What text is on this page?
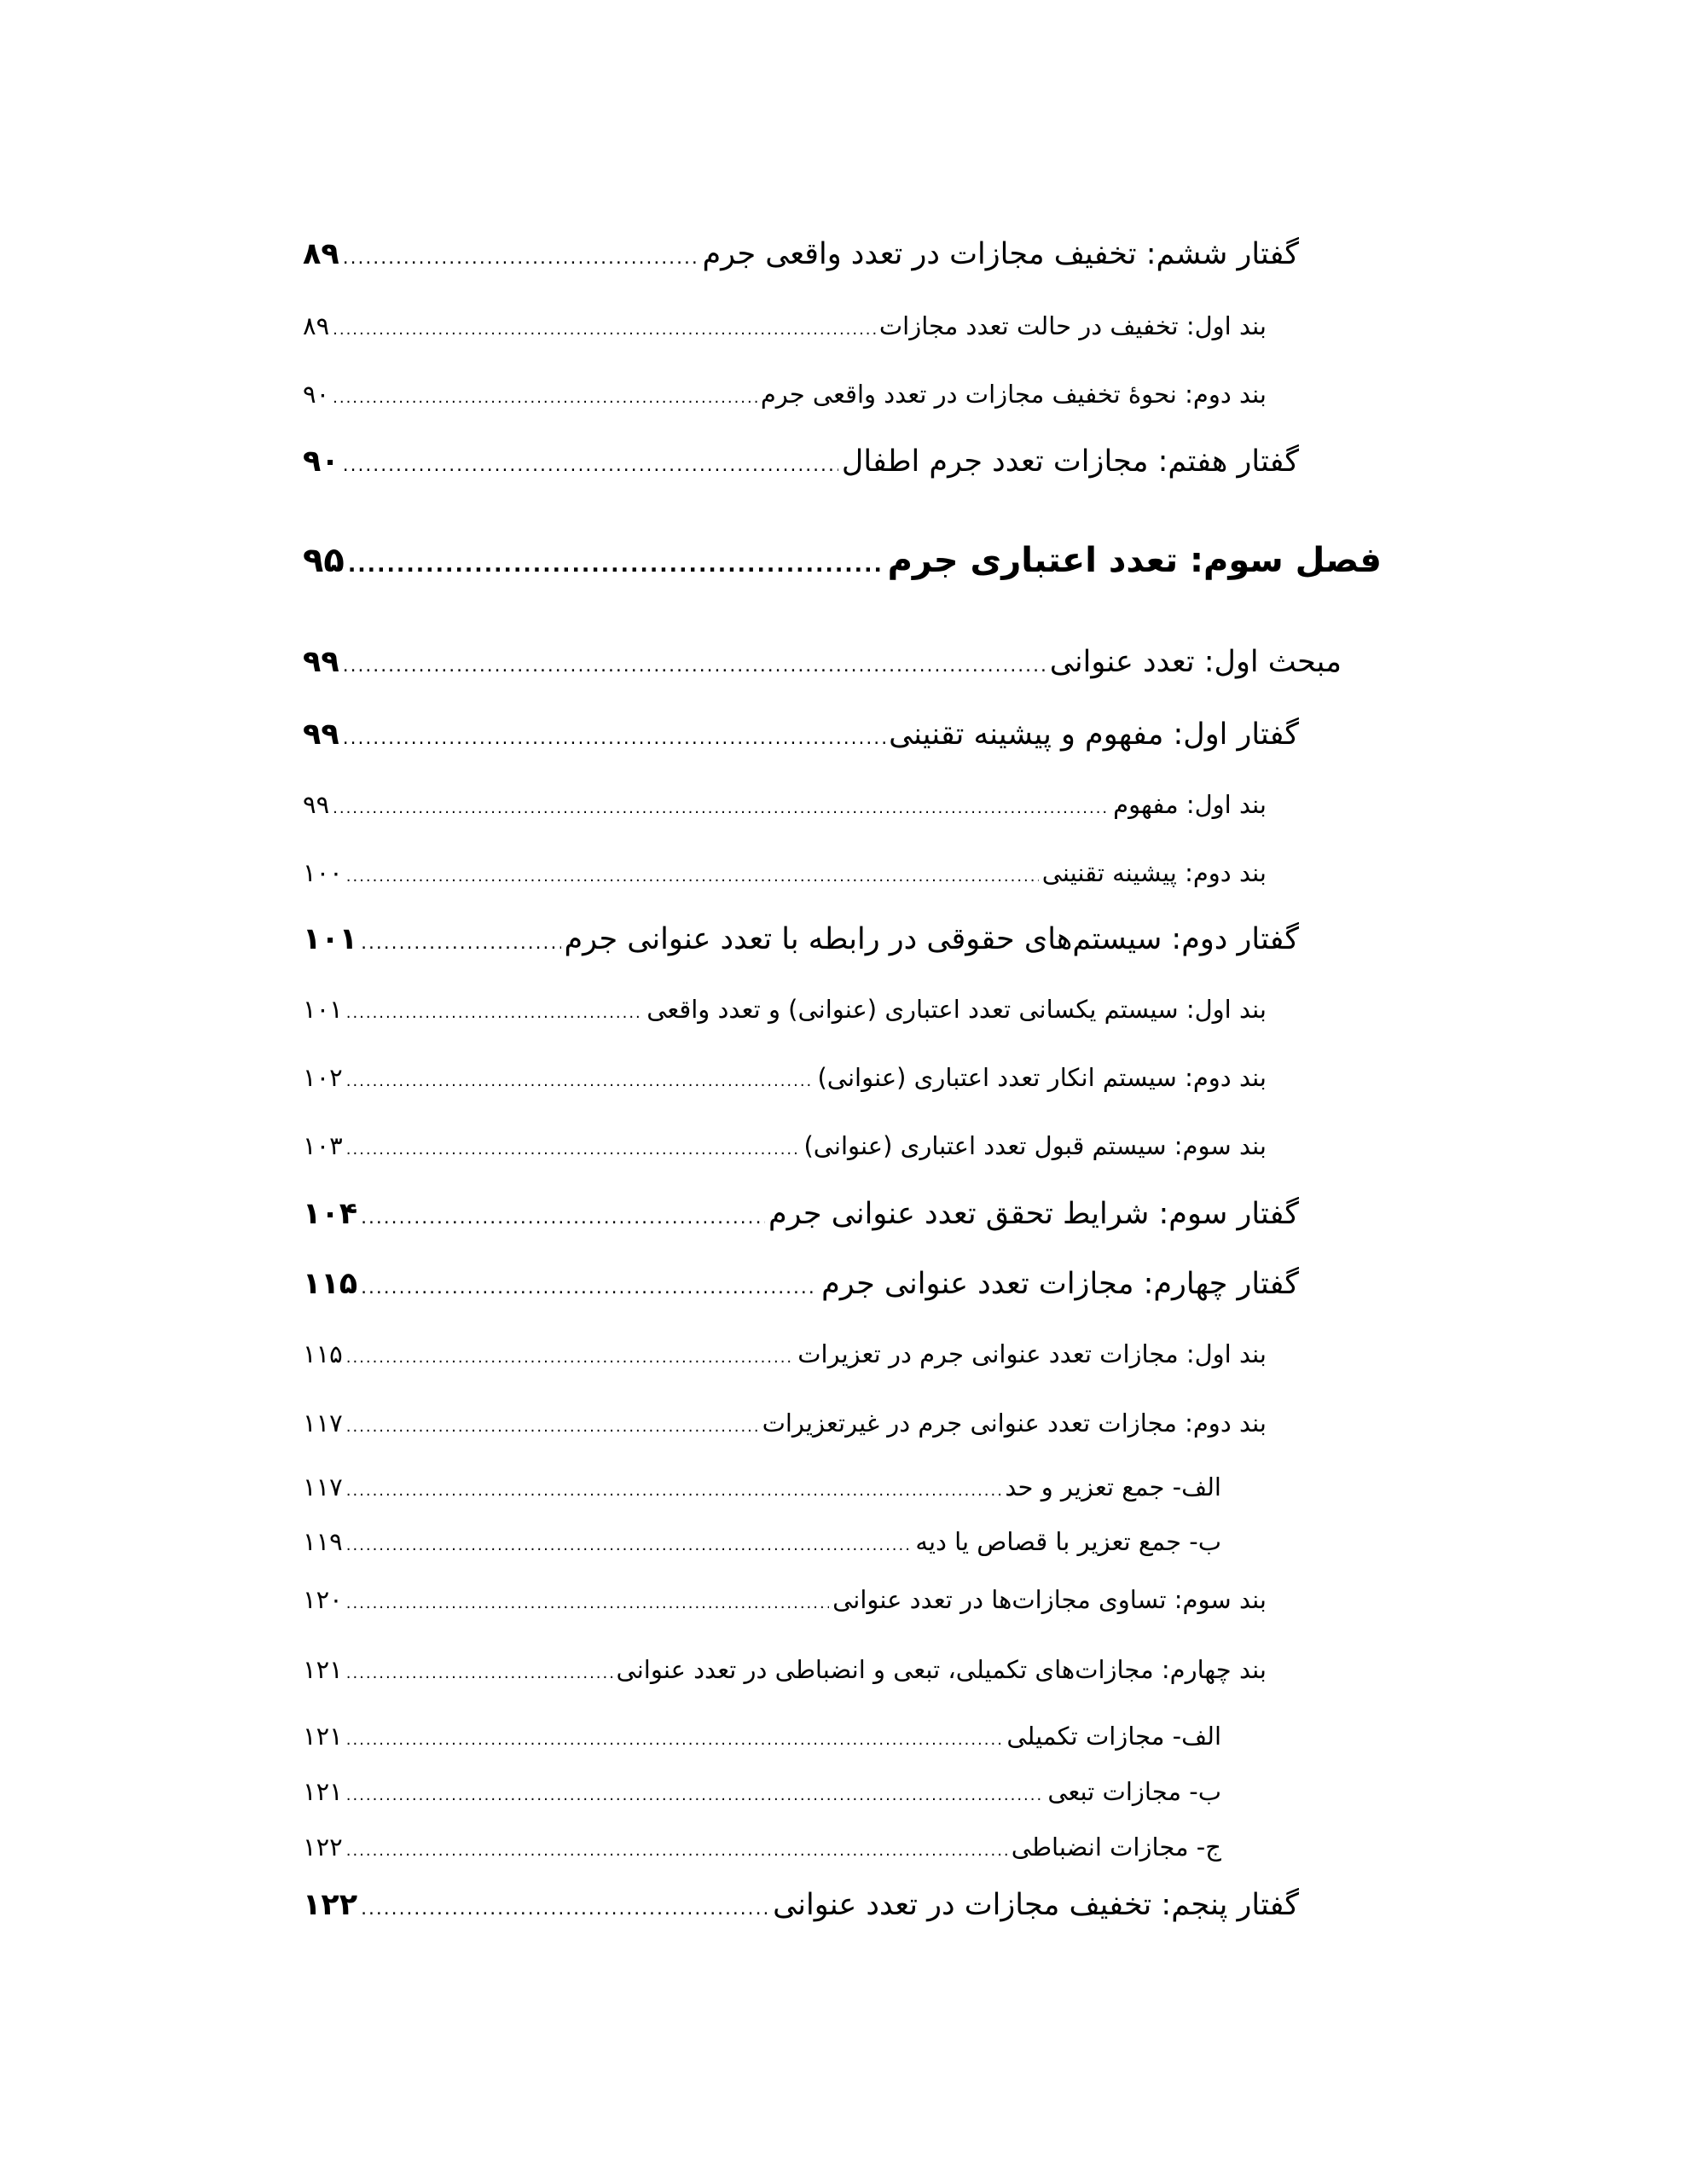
۸۹ .....	گفتار ششم: تخفیف مجازات در تعدد واقعی جرم
۸۹ .....	بند اول: تخفیف در حالت تعدد مجازات
۹۰ .....	بند دوم: نحوۀ تخفیف مجازات در تعدد واقعی جرم
۹۰ .....	گفتار هفتم: مجازات تعدد جرم اطفال
۹۵ .....	فصل سوم: تعدد اعتباری جرم
۹۹ .....	مبحث اول: تعدد عنوانی
۹۹ .....	گفتار اول: مفهوم و پیشینه تقنینی
۹۹ .....	بند اول: مفهوم
۱۰۰ .....	بند دوم: پیشینه تقنینی
۱۰۱ .....	گفتار دوم: سیستم‌های حقوقی در رابطه با تعدد عنوانی جرم
۱۰۱ .....	بند اول: سیستم یکسانی تعدد اعتباری (عنوانی) و تعدد واقعی
۱۰۲ .....	بند دوم: سیستم انکار تعدد اعتباری (عنوانی)
۱۰۳ .....	بند سوم: سیستم قبول تعدد اعتباری (عنوانی)
۱۰۴ .....	گفتار سوم: شرایط تحقق تعدد عنوانی جرم
۱۱۵ .....	گفتار چهارم: مجازات تعدد عنوانی جرم
۱۱۵ .....	بند اول: مجازات تعدد عنوانی جرم در تعزیرات
۱۱۷ .....	بند دوم: مجازات تعدد عنوانی جرم در غیرتعزیرات
۱۱۷ .....	الف- جمع تعزیر و حد
۱۱۹ .....	ب- جمع تعزیر با قصاص یا دیه
۱۲۰ .....	بند سوم: تساوی مجازات‌ها در تعدد عنوانی
۱۲۱ .....	بند چهارم: مجازات‌های تکمیلی، تبعی و انضباطی در تعدد عنوانی
۱۲۱ .....	الف- مجازات تکمیلی
۱۲۱ .....	ب- مجازات تبعی
۱۲۲ .....	ج- مجازات انضباطی
۱۲۲ .....	گفتار پنجم: تخفیف مجازات در تعدد عنوانی
